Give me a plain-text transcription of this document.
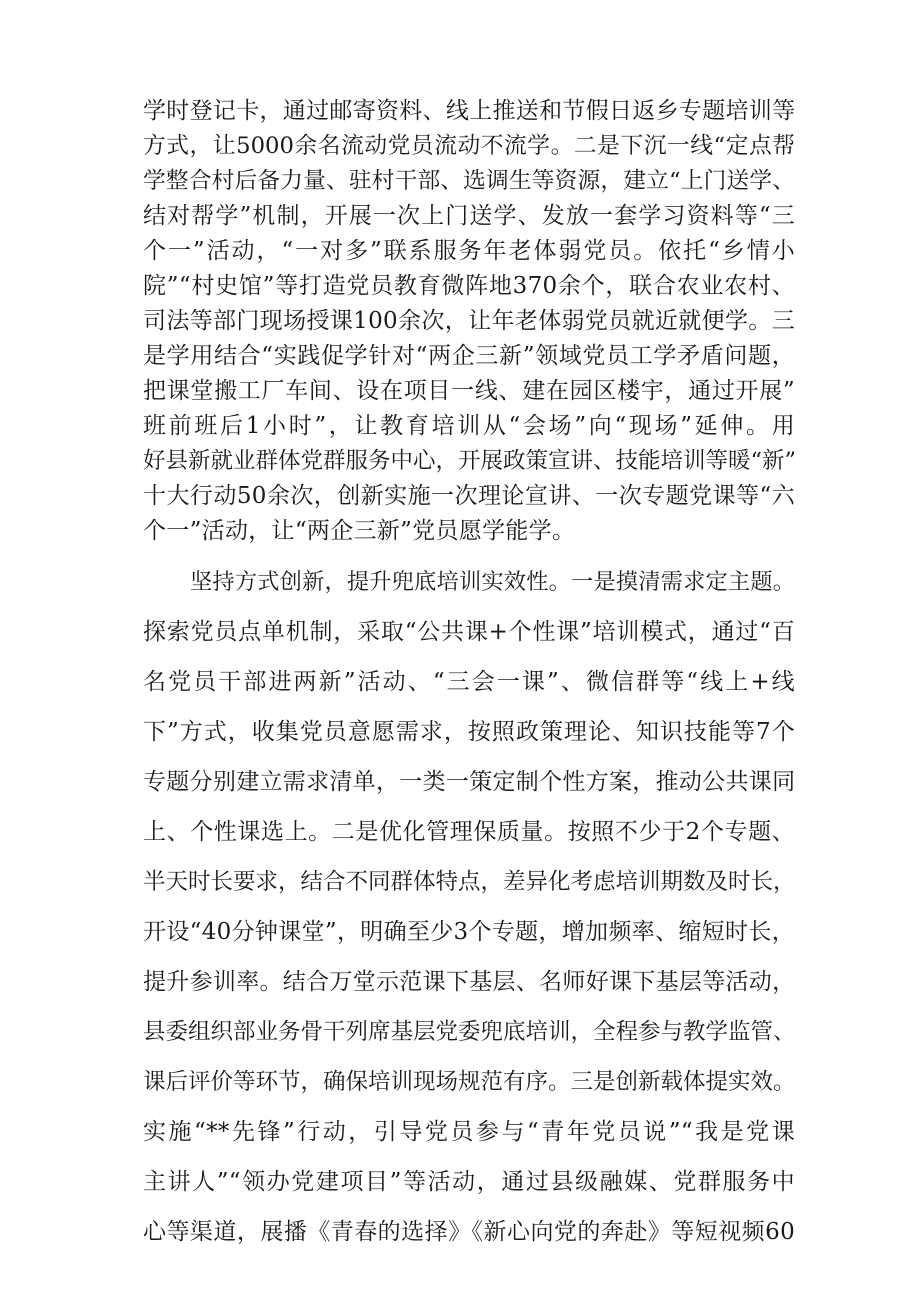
学时登记卡，通过邮寄资料、线上推送和节假日返乡专题培训等
方式，让5000余名流动党员流动不流学。二是下沉一线“定点帮
学整合村后备力量、驻村干部、选调生等资源，建立“上门送学、
结对帮学”机制，开展一次上门送学、发放一套学习资料等“三
个一”活动，“一对多”联系服务年老体弱党员。依托“乡情小
院”“村史馆”等打造党员教育微阵地370余个，联合农业农村、
司法等部门现场授课100余次，让年老体弱党员就近就便学。三
是学用结合“实践促学针对“两企三新”领域党员工学矛盾问题，
把课堂搬工厂车间、设在项目一线、建在园区楼宇，通过开展”
班前班后1小时”，让教育培训从“会场”向“现场”延伸。用
好县新就业群体党群服务中心，开展政策宣讲、技能培训等暖“新”
十大行动50余次，创新实施一次理论宣讲、一次专题党课等“六
个一”活动，让“两企三新”党员愿学能学。
坚持方式创新，提升兜底培训实效性。一是摸清需求定主题。
探索党员点单机制，采取“公共课+个性课”培训模式，通过“百
名党员干部进两新”活动、“三会一课”、微信群等“线上+线
下”方式，收集党员意愿需求，按照政策理论、知识技能等7个
专题分别建立需求清单，一类一策定制个性方案，推动公共课同
上、个性课选上。二是优化管理保质量。按照不少于2个专题、
半天时长要求，结合不同群体特点，差异化考虑培训期数及时长，
开设“40分钟课堂”，明确至少3个专题，增加频率、缩短时长，
提升参训率。结合万堂示范课下基层、名师好课下基层等活动，
县委组织部业务骨干列席基层党委兜底培训，全程参与教学监管、
课后评价等环节，确保培训现场规范有序。三是创新载体提实效。
实施“**先锋”行动，引导党员参与“青年党员说”“我是党课
主讲人”“领办党建项目”等活动，通过县级融媒、党群服务中
心等渠道，展播《青春的选择》《新心向党的奔赴》等短视频60
